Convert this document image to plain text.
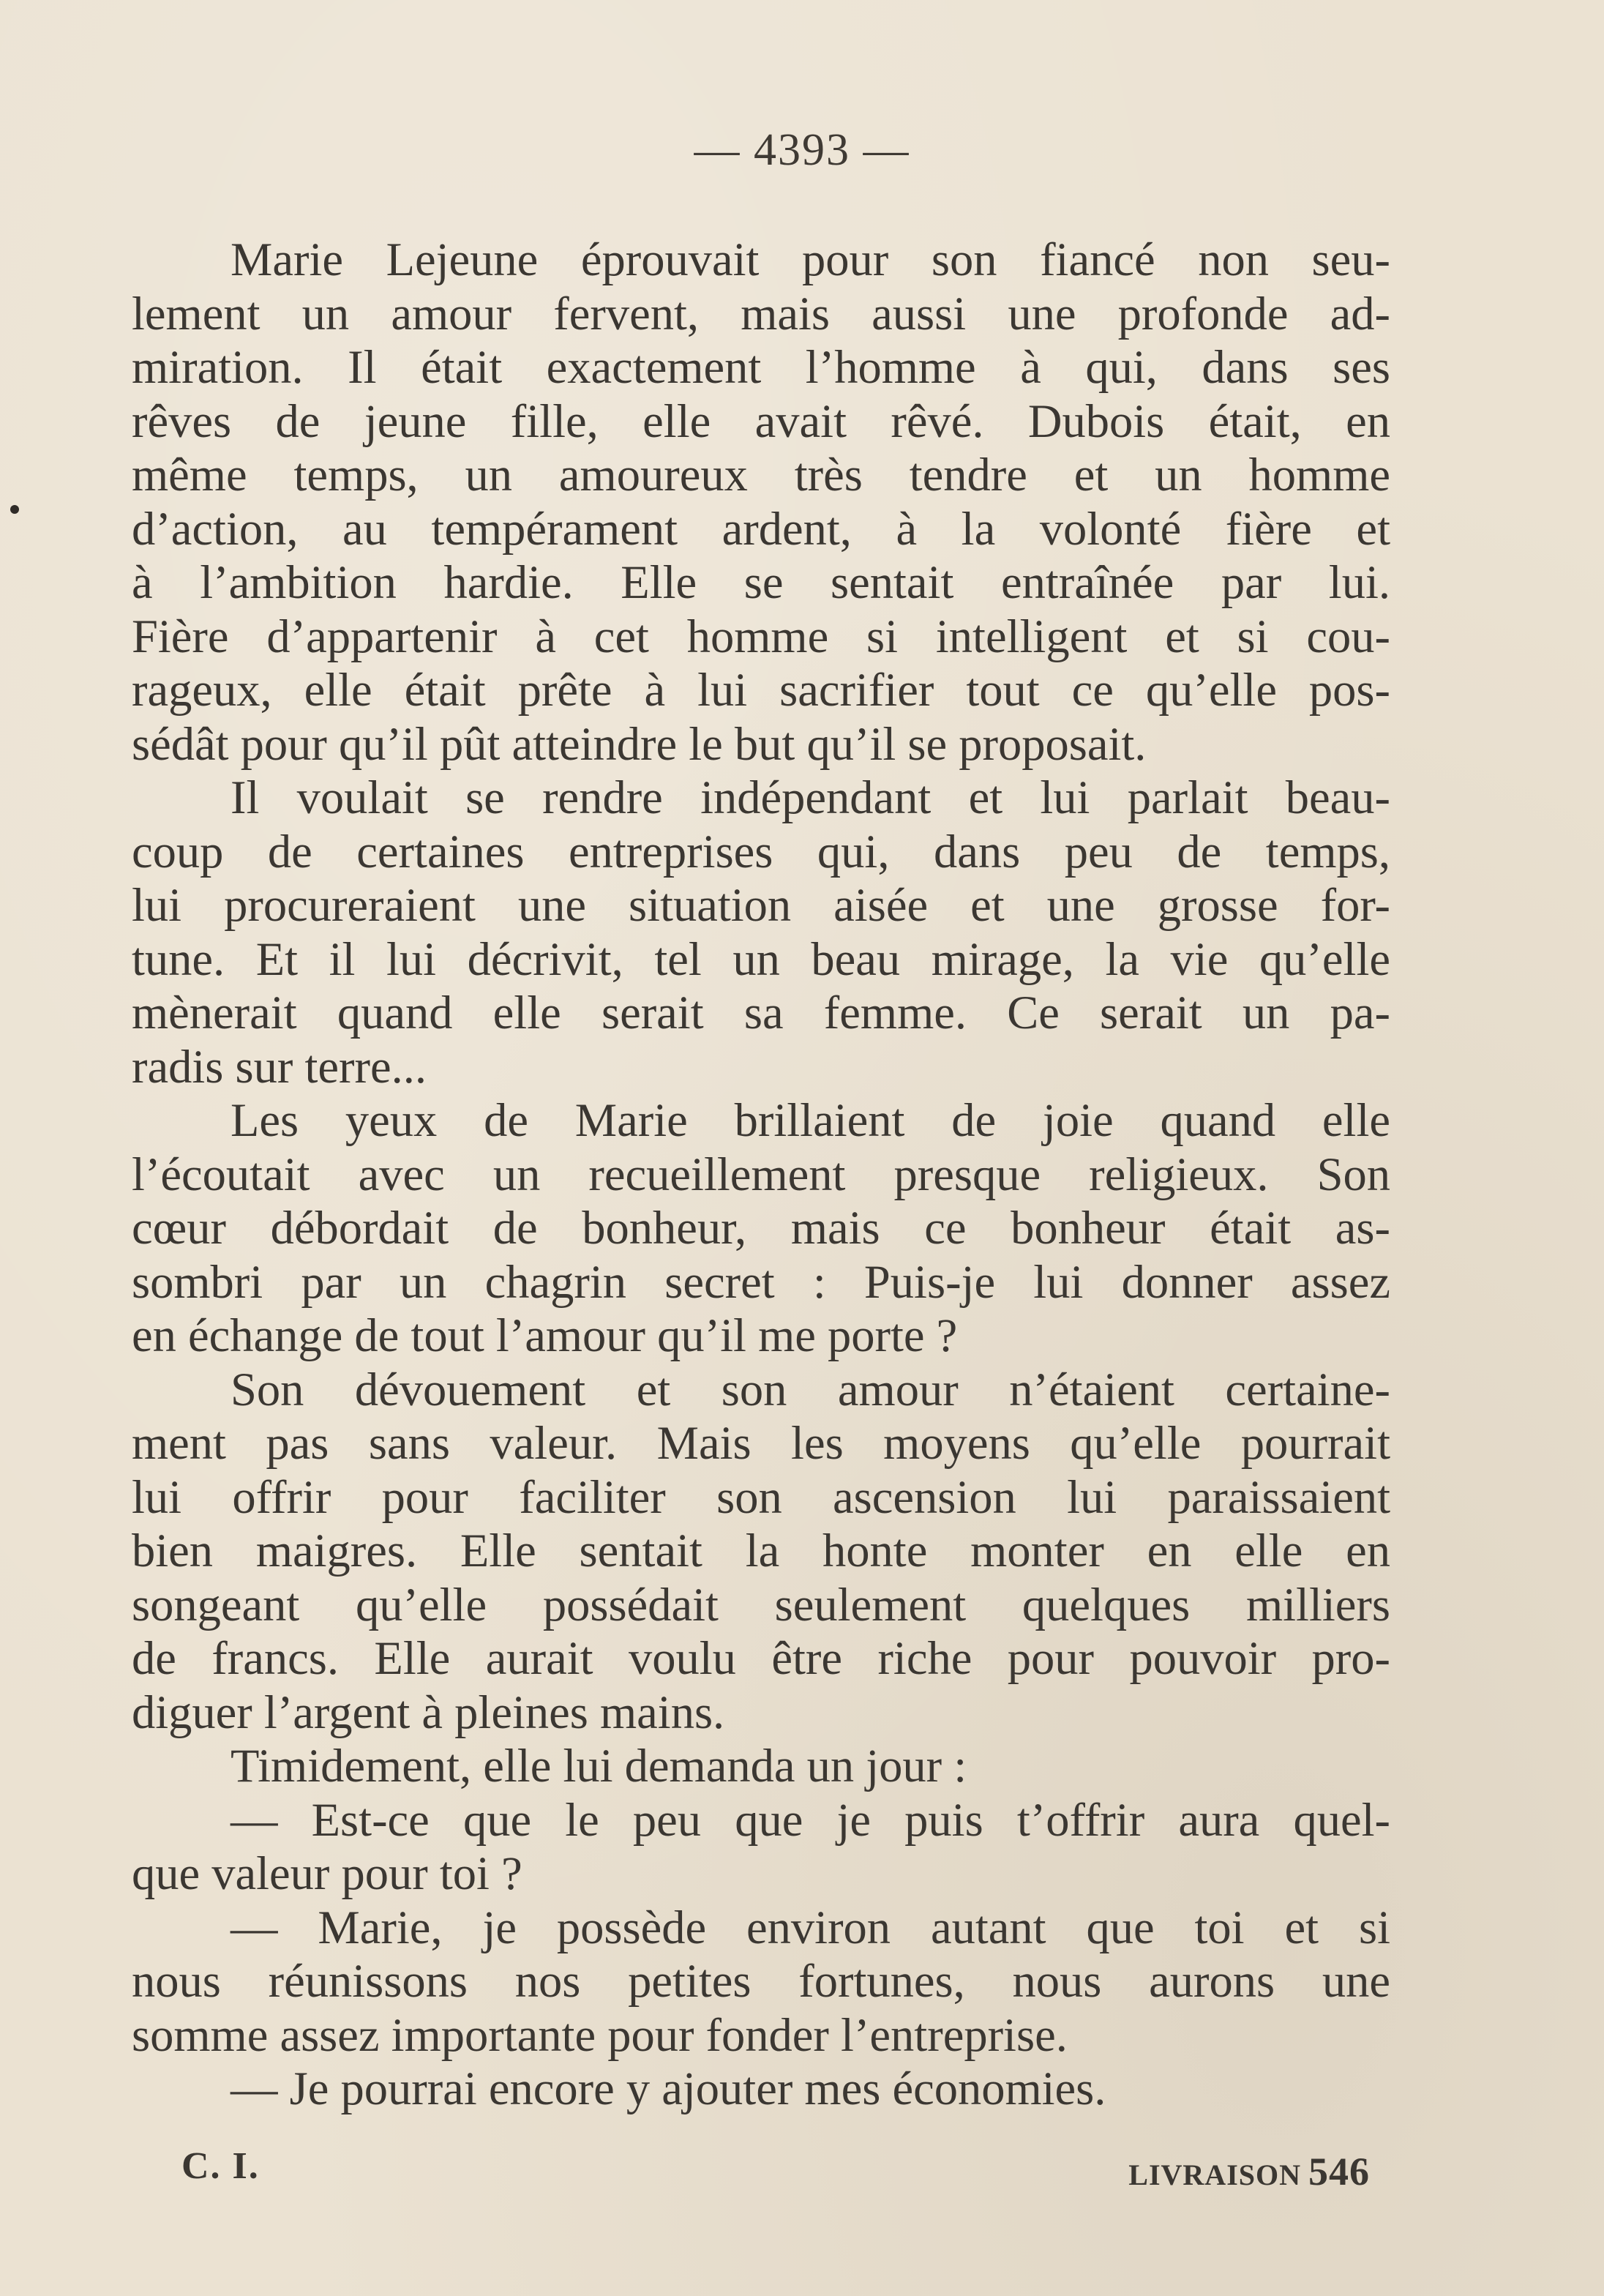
— 4393 —
Marie Lejeune éprouvait pour son fiancé non seu-
lement un amour fervent, mais aussi une profonde ad-
miration. Il était exactement l’homme à qui, dans ses
rêves de jeune fille, elle avait rêvé. Dubois était, en
même temps, un amoureux très tendre et un homme
d’action, au tempérament ardent, à la volonté fière et
à l’ambition hardie. Elle se sentait entraînée par lui.
Fière d’appartenir à cet homme si intelligent et si cou-
rageux, elle était prête à lui sacrifier tout ce qu’elle pos-
sédât pour qu’il pût atteindre le but qu’il se proposait.
Il voulait se rendre indépendant et lui parlait beau-
coup de certaines entreprises qui, dans peu de temps,
lui procureraient une situation aisée et une grosse for-
tune. Et il lui décrivit, tel un beau mirage, la vie qu’elle
mènerait quand elle serait sa femme. Ce serait un pa-
radis sur terre...
Les yeux de Marie brillaient de joie quand elle
l’écoutait avec un recueillement presque religieux. Son
cœur débordait de bonheur, mais ce bonheur était as-
sombri par un chagrin secret : Puis-je lui donner assez
en échange de tout l’amour qu’il me porte ?
Son dévouement et son amour n’étaient certaine-
ment pas sans valeur. Mais les moyens qu’elle pourrait
lui offrir pour faciliter son ascension lui paraissaient
bien maigres. Elle sentait la honte monter en elle en
songeant qu’elle possédait seulement quelques milliers
de francs. Elle aurait voulu être riche pour pouvoir pro-
diguer l’argent à pleines mains.
Timidement, elle lui demanda un jour :
— Est-ce que le peu que je puis t’offrir aura quel-
que valeur pour toi ?
— Marie, je possède environ autant que toi et si
nous réunissons nos petites fortunes, nous aurons une
somme assez importante pour fonder l’entreprise.
— Je pourrai encore y ajouter mes économies.
C. I.	LIVRAISON 546
